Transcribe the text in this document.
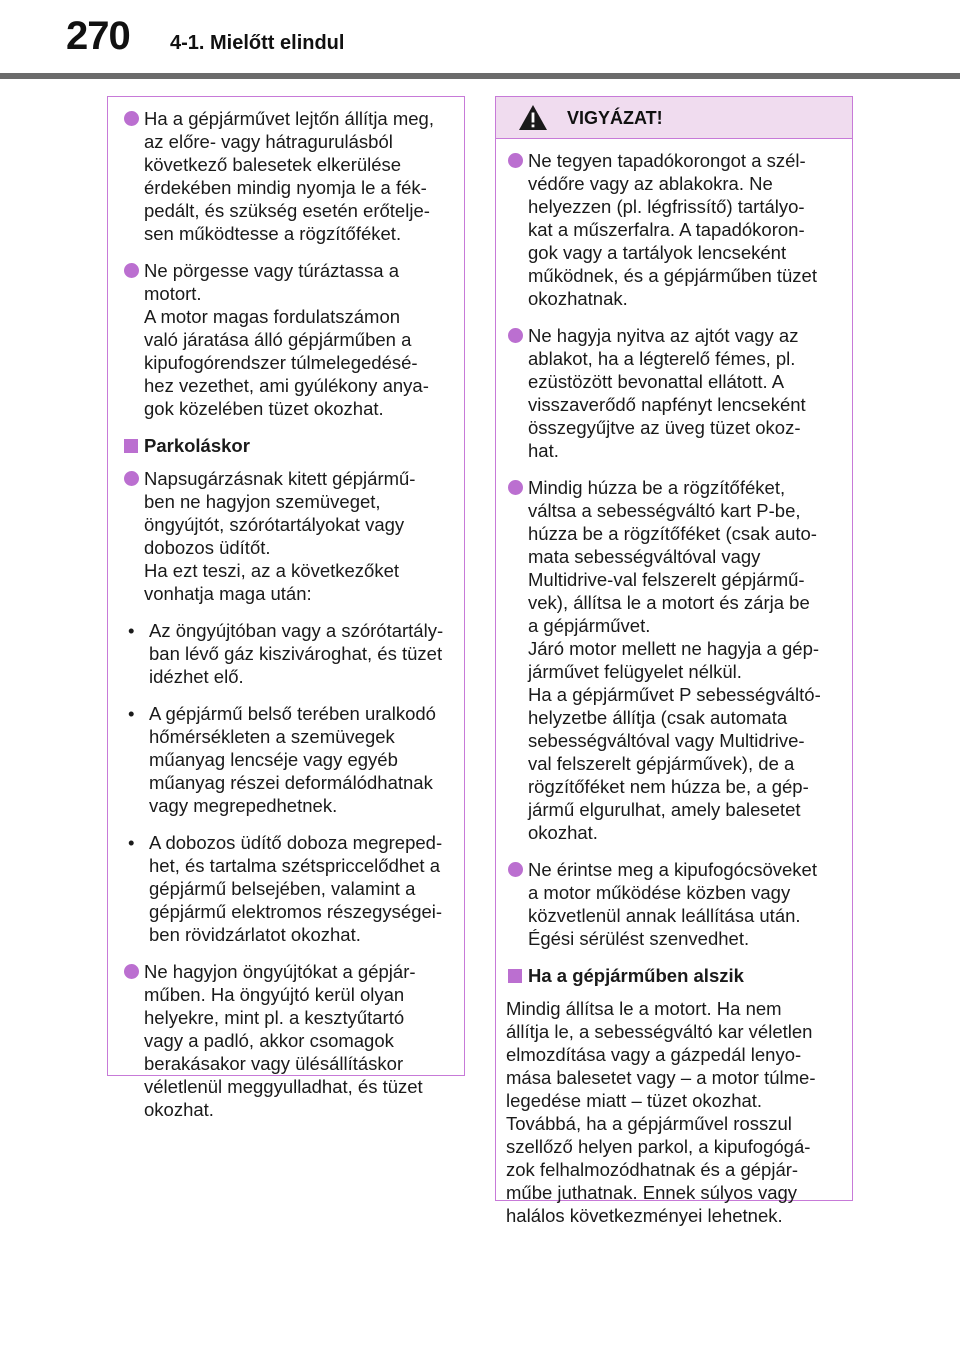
270 4-1. Mielőtt elindul
Ha a gépjárművet lejtőn állítja meg,
az előre- vagy hátragurulásból
következő balesetek elkerülése
érdekében mindig nyomja le a fék-
pedált, és szükség esetén erőtelje-
sen működtesse a rögzítőféket.
Ne pörgesse vagy túráztassa a
motort.
A motor magas fordulatszámon
való járatása álló gépjárműben a
kipufogórendszer túlmelegedésé-
hez vezethet, ami gyúlékony anya-
gok közelében tüzet okozhat.
Parkoláskor
Napsugárzásnak kitett gépjármű-
ben ne hagyjon szemüveget,
öngyújtót, szórótartályokat vagy
dobozos üdítőt.
Ha ezt teszi, az a következőket
vonhatja maga után:
• Az öngyújtóban vagy a szórótartály-
ban lévő gáz kiszivároghat, és tüzet
idézhet elő.
• A gépjármű belső terében uralkodó
hőmérsékleten a szemüvegek
műanyag lencséje vagy egyéb
műanyag részei deformálódhatnak
vagy megrepedhetnek.
• A dobozos üdítő doboza megreped-
het, és tartalma szétspriccelődhet a
gépjármű belsejében, valamint a
gépjármű elektromos részegységei-
ben rövidzárlatot okozhat.
Ne hagyjon öngyújtókat a gépjár-
műben. Ha öngyújtó kerül olyan
helyekre, mint pl. a kesztyűtartó
vagy a padló, akkor csomagok
berakásakor vagy ülésállításkor
véletlenül meggyulladhat, és tüzet
okozhat.
VIGYÁZAT!
Ne tegyen tapadókorongot a szél-
védőre vagy az ablakokra. Ne
helyezzen (pl. légfrissítő) tartályo-
kat a műszerfalra. A tapadókoron-
gok vagy a tartályok lencseként
működnek, és a gépjárműben tüzet
okozhatnak.
Ne hagyja nyitva az ajtót vagy az
ablakot, ha a légterelő fémes, pl.
ezüstözött bevonattal ellátott. A
visszaverődő napfényt lencseként
összegyűjtve az üveg tüzet okoz-
hat.
Mindig húzza be a rögzítőféket,
váltsa a sebességváltó kart P-be,
húzza be a rögzítőféket (csak auto-
mata sebességváltóval vagy
Multidrive-val felszerelt gépjármű-
vek), állítsa le a motort és zárja be
a gépjárművet.
Járó motor mellett ne hagyja a gép-
járművet felügyelet nélkül.
Ha a gépjárművet P sebességváltó-
helyzetbe állítja (csak automata
sebességváltóval vagy Multidrive-
val felszerelt gépjárművek), de a
rögzítőféket nem húzza be, a gép-
jármű elgurulhat, amely balesetet
okozhat.
Ne érintse meg a kipufogócsöveket
a motor működése közben vagy
közvetlenül annak leállítása után.
Égési sérülést szenvedhet.
Ha a gépjárműben alszik
Mindig állítsa le a motort. Ha nem
állítja le, a sebességváltó kar véletlen
elmozdítása vagy a gázpedál lenyo-
mása balesetet vagy – a motor túlme-
legedése miatt – tüzet okozhat.
Továbbá, ha a gépjárművel rosszul
szellőző helyen parkol, a kipufogógá-
zok felhalmozódhatnak és a gépjár-
műbe juthatnak. Ennek súlyos vagy
halálos következményei lehetnek.
